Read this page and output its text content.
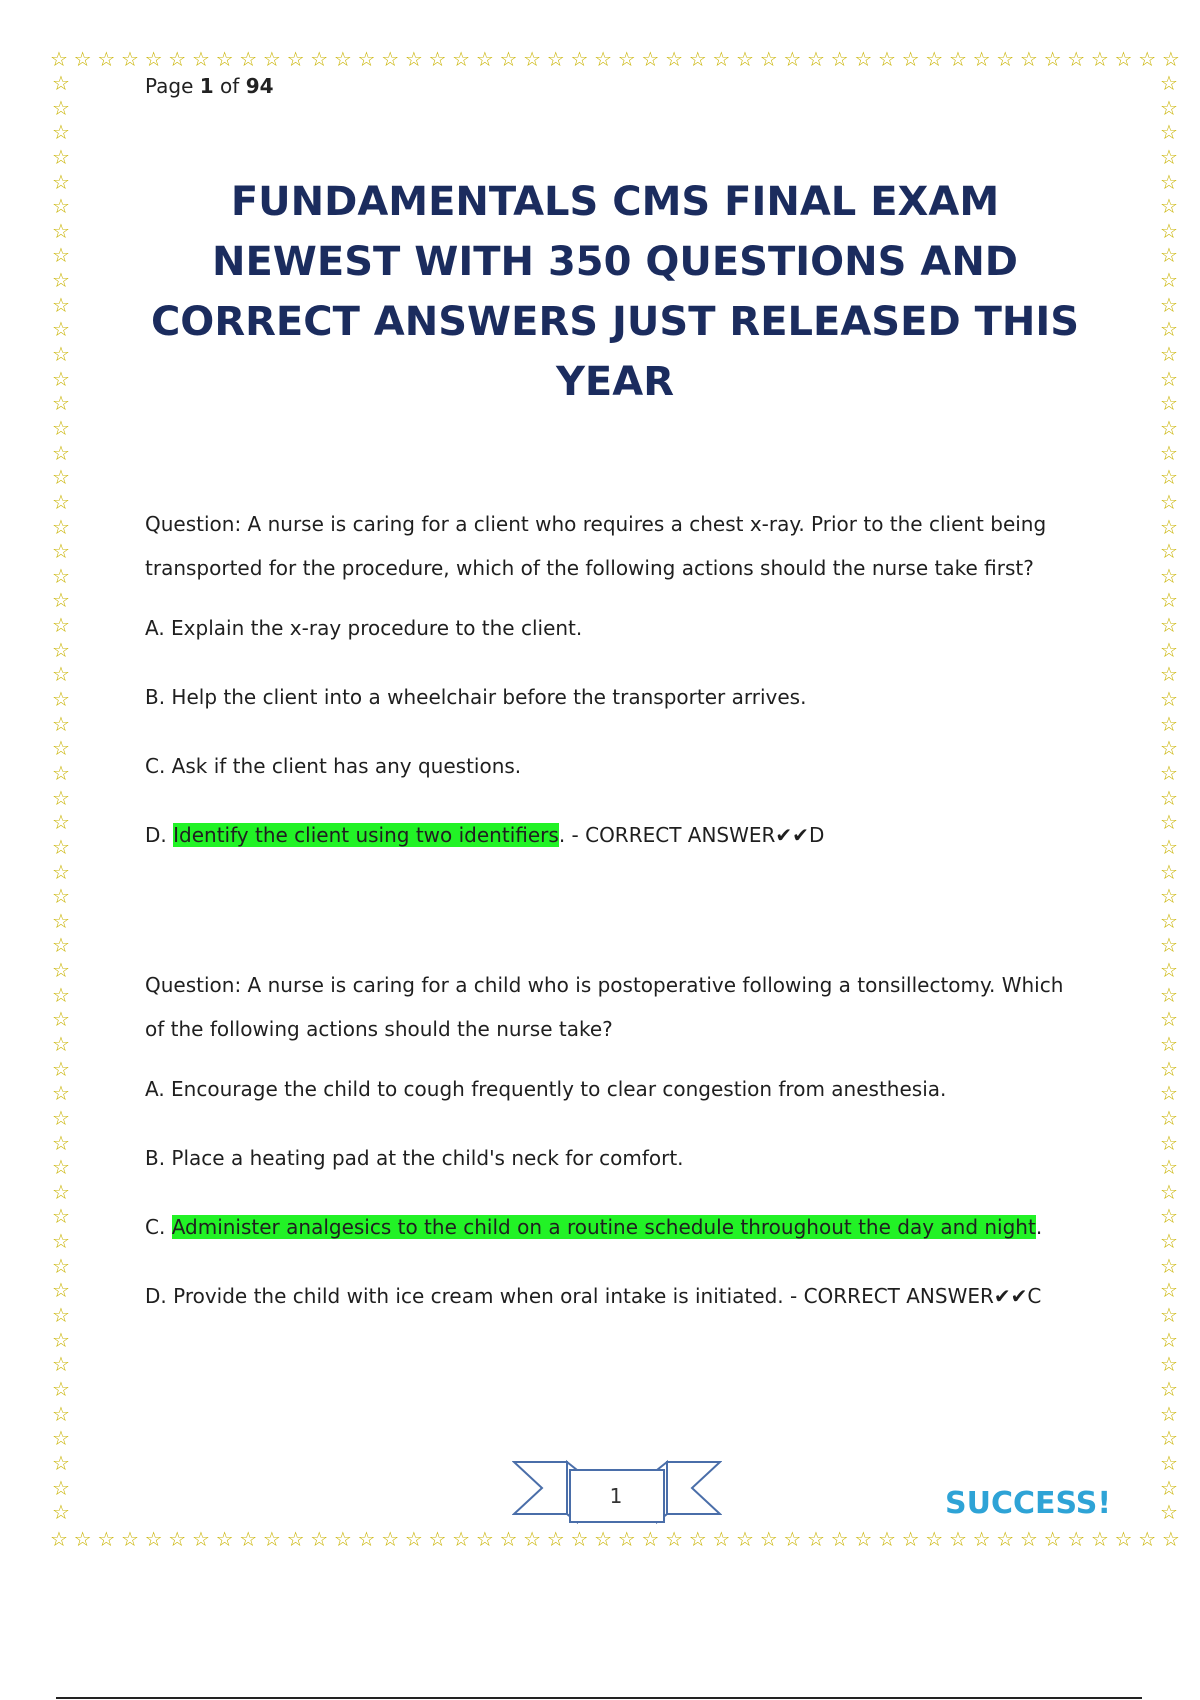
☆ ☆ ☆ ☆ ☆ ☆ ☆ ☆ ☆ ☆ ☆ ☆ ☆ ☆ ☆ ☆ ☆ ☆ ☆ ☆ ☆ ☆ ☆ ☆ ☆ ☆ ☆ ☆ ☆ ☆ ☆ ☆ ☆ ☆ ☆ ☆ ☆ ☆ ☆ ☆ ☆ ☆ ☆ ☆ ☆ ☆ ☆ ☆
☆ ☆ ☆ ☆ ☆ ☆ ☆ ☆ ☆ ☆ ☆ ☆ ☆ ☆ ☆ ☆ ☆ ☆ ☆ ☆ ☆ ☆ ☆ ☆ ☆ ☆ ☆ ☆ ☆ ☆ ☆ ☆ ☆ ☆ ☆ ☆ ☆ ☆ ☆ ☆ ☆ ☆ ☆ ☆ ☆ ☆ ☆ ☆
☆
☆
☆
☆
☆
☆
☆
☆
☆
☆
☆
☆
☆
☆
☆
☆
☆
☆
☆
☆
☆
☆
☆
☆
☆
☆
☆
☆
☆
☆
☆
☆
☆
☆
☆
☆
☆
☆
☆
☆
☆
☆
☆
☆
☆
☆
☆
☆
☆
☆
☆
☆
☆
☆
☆
☆
☆
☆
☆
☆
☆
☆
☆
☆
☆
☆
☆
☆
☆
☆
☆
☆
☆
☆
☆
☆
☆
☆
☆
☆
☆
☆
☆
☆
☆
☆
☆
☆
☆
☆
☆
☆
☆
☆
☆
☆
☆
☆
☆
☆
☆
☆
☆
☆
☆
☆
☆
☆
☆
☆
☆
☆
☆
☆
☆
☆
☆
☆
Page 1 of 94
FUNDAMENTALS CMS FINAL EXAM NEWEST WITH 350 QUESTIONS AND CORRECT ANSWERS JUST RELEASED THIS YEAR

Question: A nurse is caring for a client who requires a chest x-ray. Prior to the client being transported for the procedure, which of the following actions should the nurse take first?

A. Explain the x-ray procedure to the client.

B. Help the client into a wheelchair before the transporter arrives.

C. Ask if the client has any questions.

D. Identify the client using two identifiers. - CORRECT ANSWER✔✔D

Question: A nurse is caring for a child who is postoperative following a tonsillectomy. Which of the following actions should the nurse take?

A. Encourage the child to cough frequently to clear congestion from anesthesia.

B. Place a heating pad at the child's neck for comfort.

C. Administer analgesics to the child on a routine schedule throughout the day and night.

D. Provide the child with ice cream when oral intake is initiated. - CORRECT ANSWER✔✔C

1	SUCCESS!
